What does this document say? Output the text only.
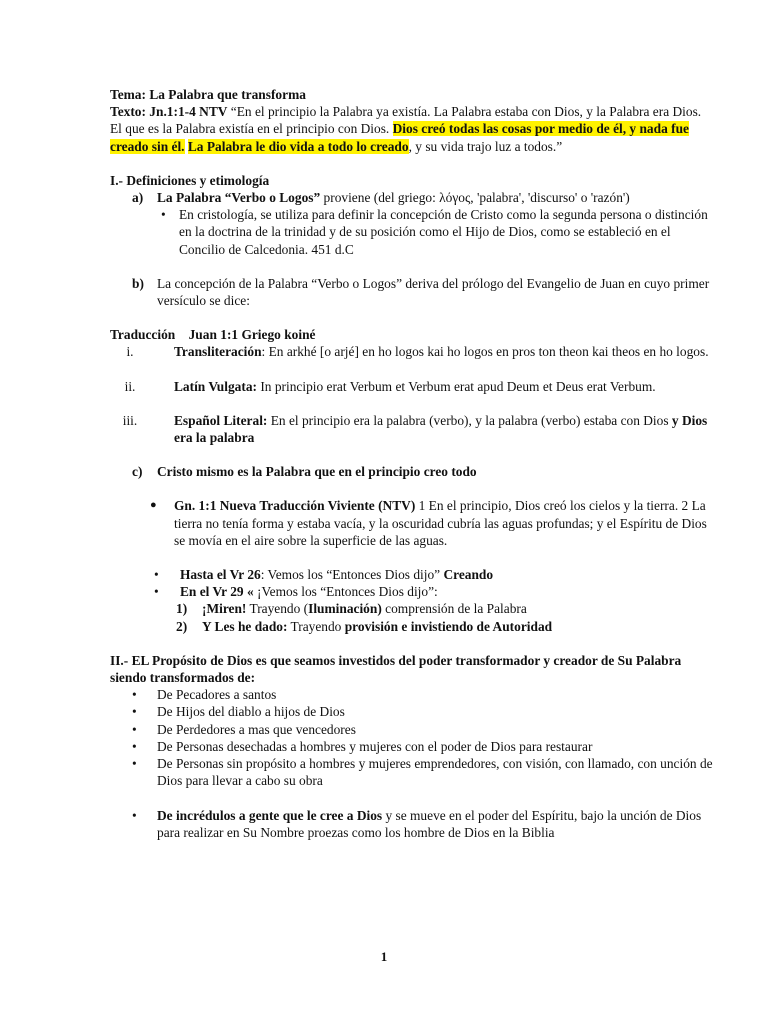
Tema: La Palabra que transforma

Texto: Jn.1:1-4 NTV “En el principio la Palabra ya existía. La Palabra estaba con Dios, y la Palabra era Dios. El que es la Palabra existía en el principio con Dios. Dios creó todas las cosas por medio de él, y nada fue creado sin él. La Palabra le dio vida a todo lo creado, y su vida trajo luz a todos.”

I.- Definiciones y etimología

a)	La Palabra “Verbo o Logos” proviene (del griego: λόγος, 'palabra', 'discurso' o 'razón')
• En cristología, se utiliza para definir la concepción de Cristo como la segunda persona o distinción en la doctrina de la trinidad y de su posición como el Hijo de Dios, como se estableció en el Concilio de Calcedonia. 451 d.C
b) La concepción de la Palabra “Verbo o Logos” deriva del prólogo del Evangelio de Juan en cuyo primer versículo se dice:

Traducción    Juan 1:1 Griego koiné

i.	Transliteración: En arkhé [o arjé] en ho logos kai ho logos en pros ton theon kai theos en ho logos.
ii.	Latín Vulgata: In principio erat Verbum et Verbum erat apud Deum et Deus erat Verbum.
iii.	Español Literal: En el principio era la palabra (verbo), y la palabra (verbo) estaba con Dios y Dios era la palabra
c)	Cristo mismo es la Palabra que en el principio creo todo
●	Gn. 1:1 Nueva Traducción Viviente (NTV) 1 En el principio, Dios creó los cielos y la tierra. 2 La tierra no tenía forma y estaba vacía, y la oscuridad cubría las aguas profundas; y el Espíritu de Dios se movía en el aire sobre la superficie de las aguas.
•	Hasta el Vr 26: Vemos los “Entonces Dios dijo” Creando
•	En el Vr 29 « ¡Vemos los “Entonces Dios dijo”:
1)	¡Miren! Trayendo (Iluminación) comprensión de la Palabra
2)	Y Les he dado: Trayendo provisión e invistiendo de Autoridad

II.- EL Propósito de Dios es que seamos investidos del poder transformador y creador de Su Palabra siendo transformados de:

•	De Pecadores a santos
•	De Hijos del diablo a hijos de Dios
•	De Perdedores a mas que vencedores
•	De Personas desechadas a hombres y mujeres con el poder de Dios para restaurar
•	De Personas sin propósito a hombres y mujeres emprendedores, con visión, con llamado, con unción de Dios para llevar a cabo su obra
•	De incrédulos a gente que le cree a Dios y se mueve en el poder del Espíritu, bajo la unción de Dios para realizar en Su Nombre proezas como los hombre de Dios en la Biblia
1
